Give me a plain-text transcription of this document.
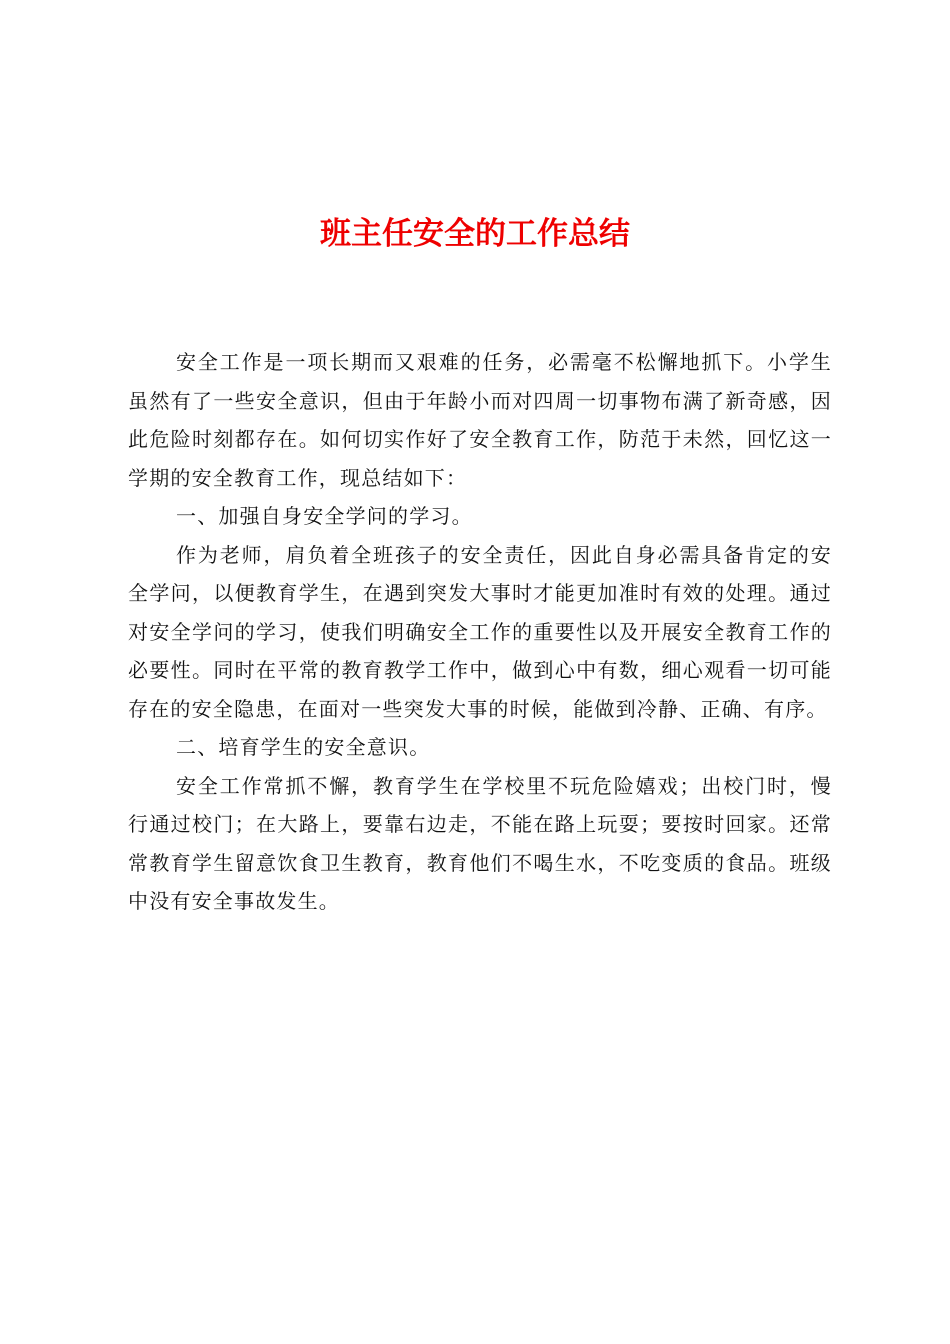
班主任安全的工作总结

安全工作是一项长期而又艰难的任务，必需毫不松懈地抓下。小学生虽然有了一些安全意识，但由于年龄小而对四周一切事物布满了新奇感，因此危险时刻都存在。如何切实作好了安全教育工作，防范于未然，回忆这一学期的安全教育工作，现总结如下：

一、加强自身安全学问的学习。

作为老师，肩负着全班孩子的安全责任，因此自身必需具备肯定的安全学问，以便教育学生，在遇到突发大事时才能更加准时有效的处理。通过对安全学问的学习，使我们明确安全工作的重要性以及开展安全教育工作的必要性。同时在平常的教育教学工作中，做到心中有数，细心观看一切可能存在的安全隐患，在面对一些突发大事的时候，能做到冷静、正确、有序。

二、培育学生的安全意识。

安全工作常抓不懈，教育学生在学校里不玩危险嬉戏；出校门时，慢行通过校门；在大路上，要靠右边走，不能在路上玩耍；要按时回家。还常常教育学生留意饮食卫生教育，教育他们不喝生水，不吃变质的食品。班级中没有安全事故发生。
